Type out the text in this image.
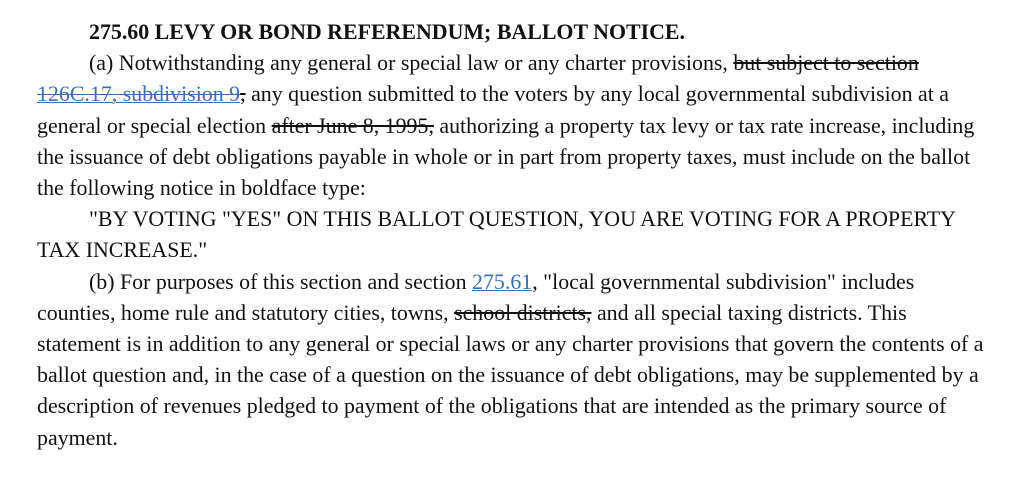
275.60 LEVY OR BOND REFERENDUM; BALLOT NOTICE.

(a) Notwithstanding any general or special law or any charter provisions, but subject to section 126C.17, subdivision 9, any question submitted to the voters by any local governmental subdivision at a general or special election after June 8, 1995, authorizing a property tax levy or tax rate increase, including the issuance of debt obligations payable in whole or in part from property taxes, must include on the ballot the following notice in boldface type:

"BY VOTING "YES" ON THIS BALLOT QUESTION, YOU ARE VOTING FOR A PROPERTY TAX INCREASE."

(b) For purposes of this section and section 275.61, "local governmental subdivision" includes counties, home rule and statutory cities, towns, school districts, and all special taxing districts. This statement is in addition to any general or special laws or any charter provisions that govern the contents of a ballot question and, in the case of a question on the issuance of debt obligations, may be supplemented by a description of revenues pledged to payment of the obligations that are intended as the primary source of payment.
